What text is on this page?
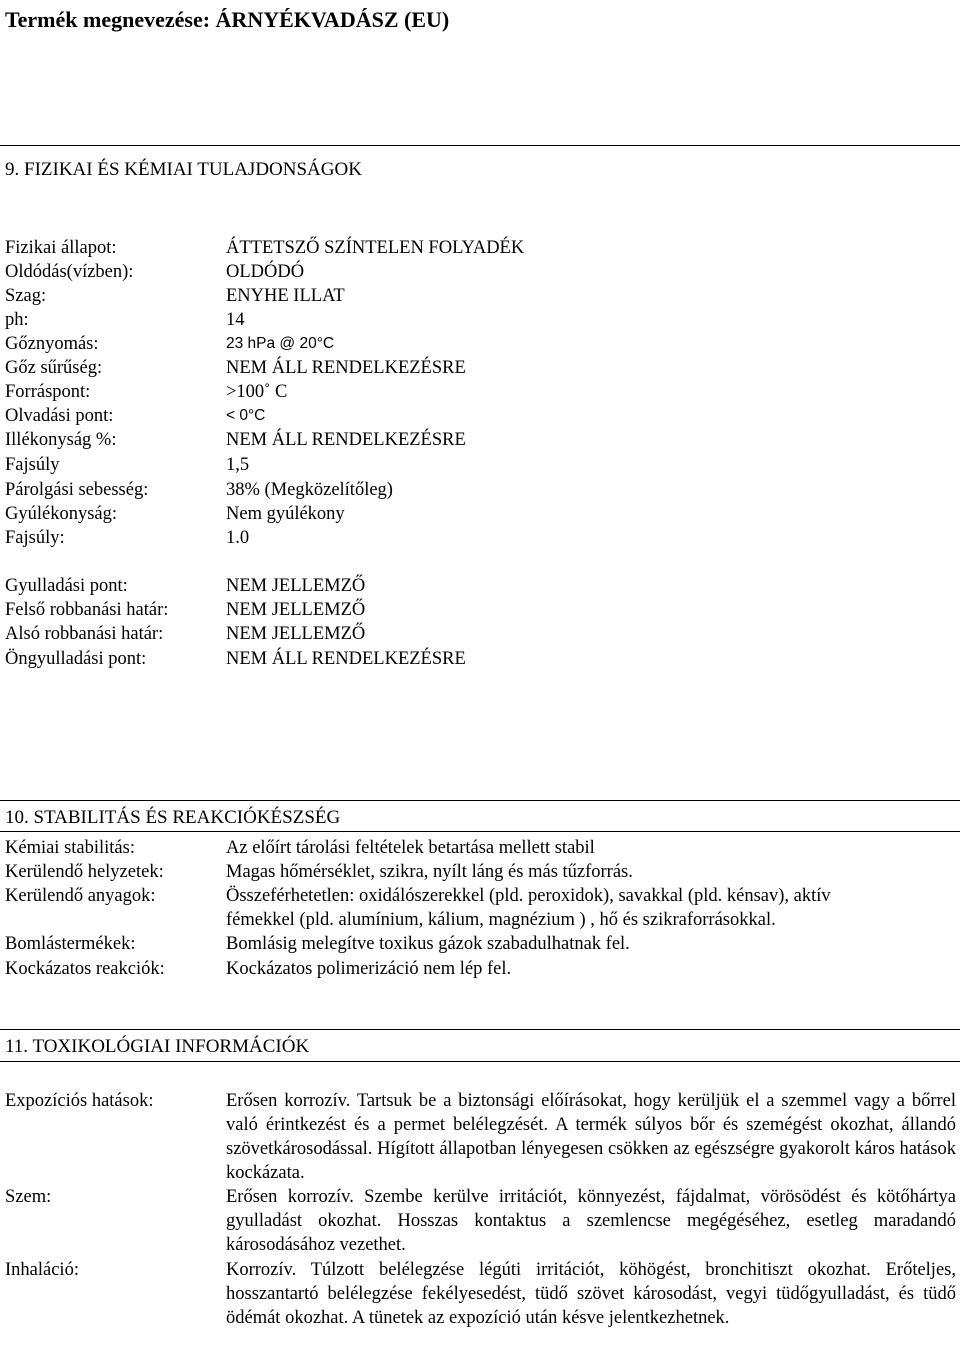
Termék megnevezése: ÁRNYÉKVADÁSZ (EU)
9. FIZIKAI ÉS KÉMIAI TULAJDONSÁGOK
Fizikai állapot:	ÁTTETSZŐ SZÍNTELEN FOLYADÉK
Oldódás(vízben):	OLDÓDÓ
Szag:	ENYHE ILLAT
ph:	14
Gőznyomás:	23 hPa @ 20°C
Gőz sűrűség:	NEM ÁLL RENDELKEZÉSRE
Forráspont:	>100˚ C
Olvadási pont:	< 0°C
Illékonyság %:	NEM ÁLL RENDELKEZÉSRE
Fajsúly	1,5
Párolgási sebesség:	38% (Megközelítőleg)
Gyúlékonyság:	Nem gyúlékony
Fajsúly:	1.0
Gyulladási pont:	NEM JELLEMZŐ
Felső robbanási határ:	NEM JELLEMZŐ
Alsó robbanási határ:	NEM JELLEMZŐ
Öngyulladási pont:	NEM ÁLL RENDELKEZÉSRE
10. STABILITÁS ÉS REAKCIÓKÉSZSÉG
Kémiai stabilitás:	Az előírt tárolási feltételek betartása mellett stabil
Kerülendő helyzetek:	Magas hőmérséklet, szikra, nyílt láng és más tűzforrás.
Kerülendő anyagok:	Összeférhetetlen: oxidálószerekkel (pld. peroxidok), savakkal (pld. kénsav), aktív
fémekkel (pld. alumínium, kálium, magnézium ) , hő és szikraforrásokkal.
Bomlástermékek:	Bomlásig melegítve toxikus gázok szabadulhatnak fel.
Kockázatos reakciók:	Kockázatos polimerizáció nem lép fel.
11. TOXIKOLÓGIAI INFORMÁCIÓK
Expozíciós hatások:	Erősen korrozív. Tartsuk be a biztonsági előírásokat, hogy kerüljük el a szemmel vagy a bőrrel való érintkezést és a permet belélegzését. A termék súlyos bőr és szemégést okozhat, állandó szövetkárosodással. Hígított állapotban lényegesen csökken az egészségre gyakorolt káros hatások kockázata.
Szem:	Erősen korrozív. Szembe kerülve irritációt, könnyezést, fájdalmat, vörösödést és kötőhártya gyulladást okozhat. Hosszas kontaktus a szemlencse megégéséhez, esetleg maradandó károsodásához vezethet.
Inhaláció:	Korrozív. Túlzott belélegzése légúti irritációt, köhögést, bronchitiszt okozhat. Erőteljes, hosszantartó belélegzése fekélyesedést, tüdő szövet károsodást, vegyi tüdőgyulladást, és tüdő ödémát okozhat. A tünetek az expozíció után késve jelentkezhetnek.
